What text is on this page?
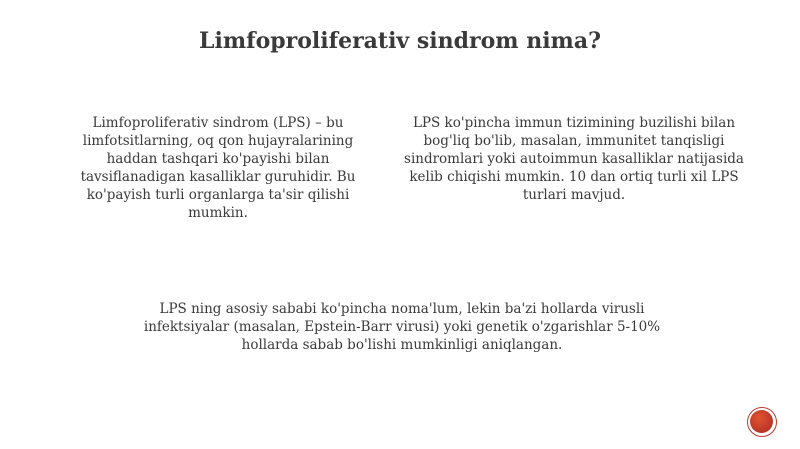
Limfoproliferativ sindrom nima?

Limfoproliferativ sindrom (LPS) – bu limfotsitlarning, oq qon hujayralarining haddan tashqari ko'payishi bilan tavsiflanadigan kasalliklar guruhidir. Bu ko'payish turli organlarga ta'sir qilishi mumkin.

LPS ko'pincha immun tizimining buzilishi bilan bog'liq bo'lib, masalan, immunitet tanqisligi sindromlari yoki autoimmun kasalliklar natijasida kelib chiqishi mumkin. 10 dan ortiq turli xil LPS turlari mavjud.

LPS ning asosiy sababi ko'pincha noma'lum, lekin ba'zi hollarda virusli infektsiyalar (masalan, Epstein-Barr virusi) yoki genetik o'zgarishlar 5-10% hollarda sabab bo'lishi mumkinligi aniqlangan.
